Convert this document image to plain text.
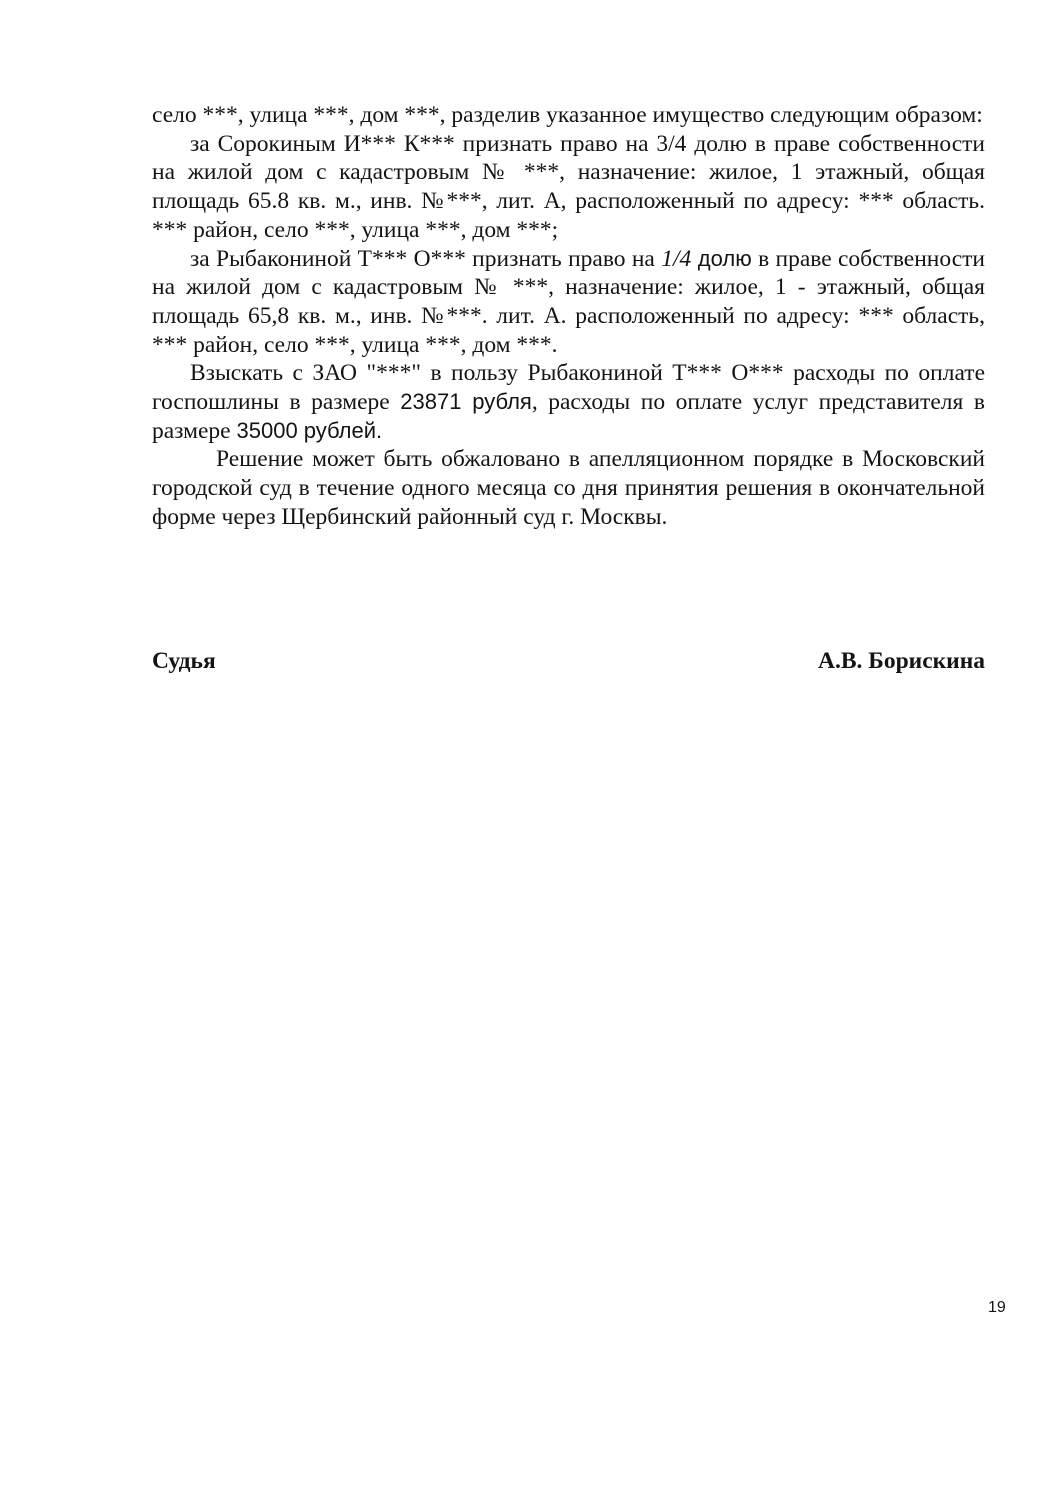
село ***, улица ***, дом ***, разделив указанное имущество следующим образом:

за Сорокиным И*** К*** признать право на 3/4 долю в праве собственности на жилой дом с кадастровым № ***, назначение: жилое, 1 этажный, общая площадь 65.8 кв. м., инв. №***, лит. А, расположенный по адресу: *** область. *** район, село ***, улица ***, дом ***;

за Рыбакониной Т*** О*** признать право на 1/4 долю в праве собственности на жилой дом с кадастровым № ***, назначение: жилое, 1 - этажный, общая площадь 65,8 кв. м., инв. №***. лит. А. расположенный по адресу: *** область, *** район, село ***, улица ***, дом ***.

Взыскать с ЗАО "***" в пользу Рыбакониной Т*** О*** расходы по оплате госпошлины в размере 23871 рубля, расходы по оплате услуг представителя в размере 35000 рублей.

Решение может быть обжаловано в апелляционном порядке в Московский городской суд в течение одного месяца со дня принятия решения в окончательной форме через Щербинский районный суд г. Москвы.

Судья	А.В. Борискина
19
